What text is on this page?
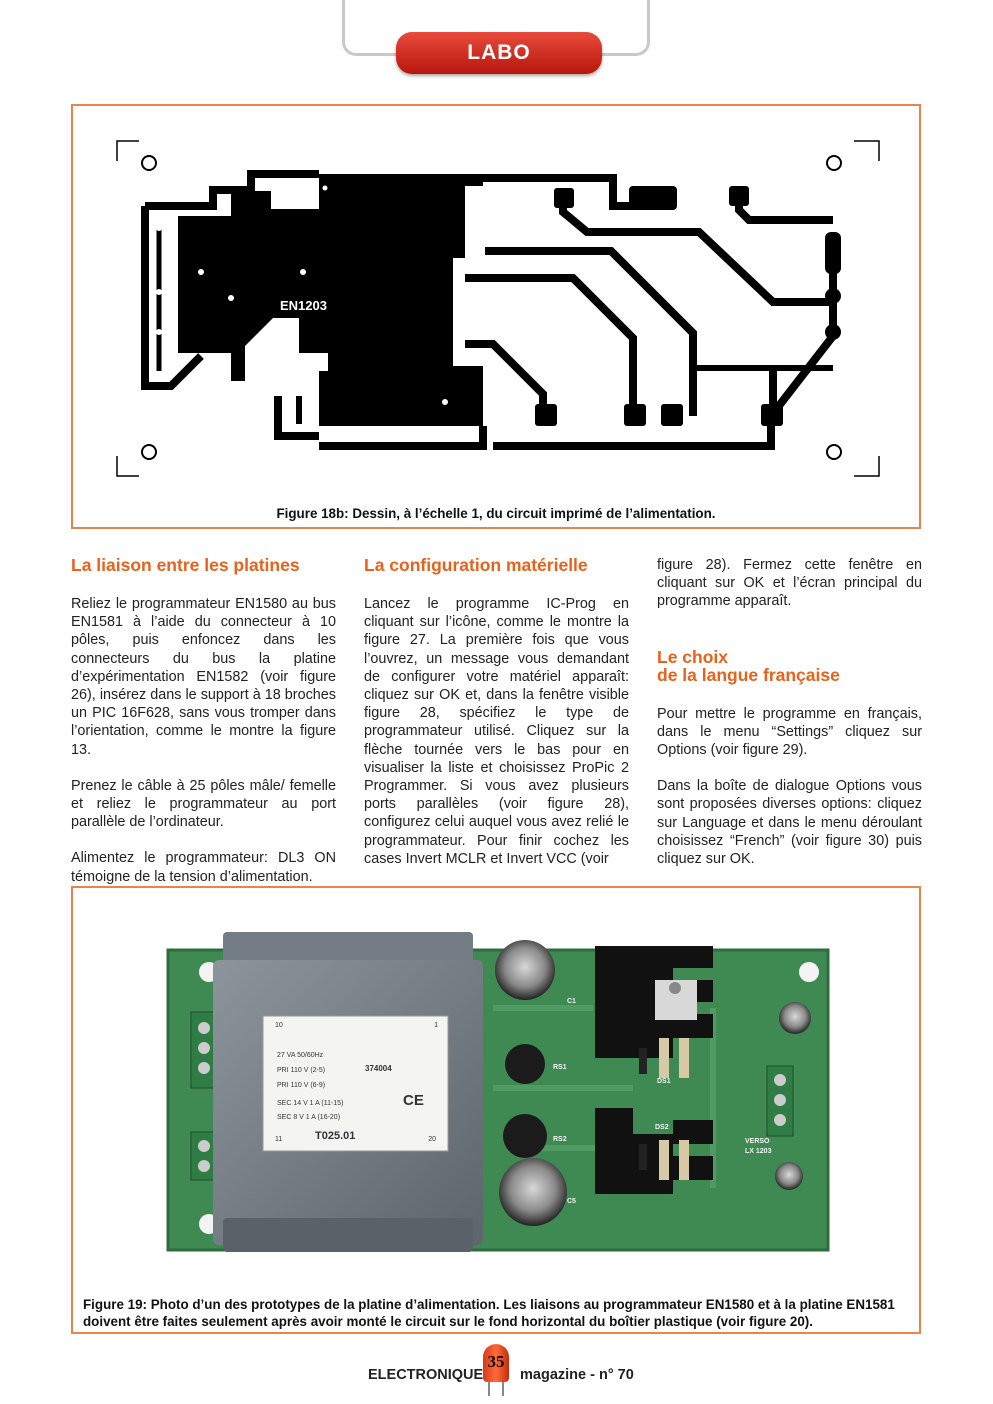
LABO
EN1203
Figure 18b: Dessin, à l’échelle 1, du circuit imprimé de l’alimentation.
La liaison entre les platines

Reliez le programmateur EN1580 au bus EN1581 à l’aide du connecteur à 10 pôles, puis enfoncez dans les connecteurs du bus la platine d’expérimentation EN1582 (voir figure 26), insérez dans le support à 18 broches un PIC 16F628, sans vous tromper dans l’orientation, comme le montre la figure 13.

Prenez le câble à 25 pôles mâle/ femelle et reliez le programmateur au port parallèle de l’ordinateur.

Alimentez le programmateur: DL3 ON témoigne de la tension d’alimentation.

La configuration matérielle

Lancez le programme IC-Prog en cliquant sur l’icône, comme le montre la figure 27. La première fois que vous l’ouvrez, un message vous demandant de configurer votre matériel apparaît: cliquez sur OK et, dans la fenêtre visible figure 28, spécifiez le type de programmateur utilisé. Cliquez sur la flèche tournée vers le bas pour en visualiser la liste et choisissez ProPic 2 Programmer. Si vous avez plusieurs ports parallèles (voir figure 28), configurez celui auquel vous avez relié le programmateur. Pour finir cochez les cases Invert MCLR et Invert VCC (voir

figure 28). Fermez cette fenêtre en cliquant sur OK et l’écran principal du programme apparaît.

Le choix
de la langue française

Pour mettre le programme en français, dans le menu “Settings” cliquez sur Options (voir figure 29).

Dans la boîte de dialogue Options vous sont proposées diverses options: cliquez sur Language et dans le menu déroulant choisissez “French” (voir figure 30) puis cliquez sur OK.

10	1
27 VA 50/60Hz
374004
PRI 110 V (2-5)
PRI 110 V (6-9)
CE
SEC 14 V 1 A (11-15)
SEC 8 V 1 A (16-20)
11	T025.01	20
C1
RS1
DS1
DS2
RS2
C5
VERSO
LX 1203
Figure 19: Photo d’un des prototypes de la platine d’alimentation. Les liaisons au programmateur EN1580 et à la platine EN1581
doivent être faites seulement après avoir monté le circuit sur le fond horizontal du boîtier plastique (voir figure 20).
ELECTRONIQUE
35
magazine - n° 70
